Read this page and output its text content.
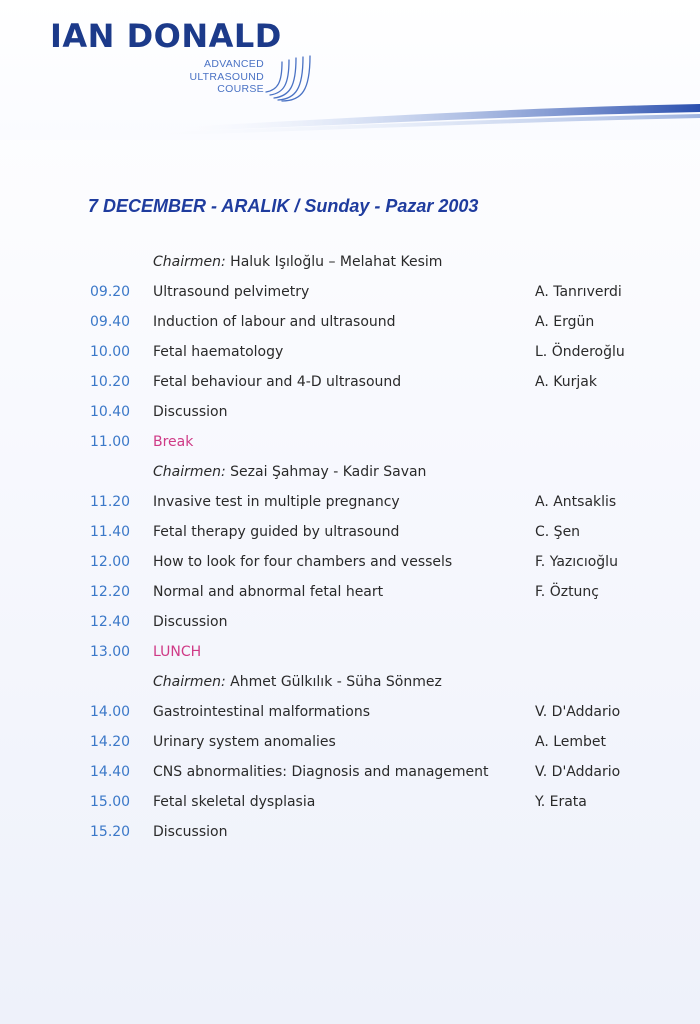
IAN DONALD
ADVANCED
ULTRASOUND
COURSE
7 DECEMBER - ARALIK / Sunday - Pazar 2003
Chairmen: Haluk Işıloğlu – Melahat Kesim
09.20	Ultrasound pelvimetry	A. Tanrıverdi
09.40	Induction of labour and ultrasound	A. Ergün
10.00	Fetal haematology	L. Önderoğlu
10.20	Fetal behaviour and 4-D ultrasound	A. Kurjak
10.40	Discussion
11.00	Break
Chairmen: Sezai Şahmay - Kadir Savan
11.20	Invasive test in multiple pregnancy	A. Antsaklis
11.40	Fetal therapy guided by ultrasound	C. Şen
12.00	How to look for four chambers and vessels	F. Yazıcıoğlu
12.20	Normal and abnormal fetal heart	F. Öztunç
12.40	Discussion
13.00	LUNCH
Chairmen: Ahmet Gülkılık - Süha Sönmez
14.00	Gastrointestinal malformations	V. D'Addario
14.20	Urinary system anomalies	A. Lembet
14.40	CNS abnormalities: Diagnosis and management	V. D'Addario
15.00	Fetal skeletal dysplasia	Y. Erata
15.20	Discussion
